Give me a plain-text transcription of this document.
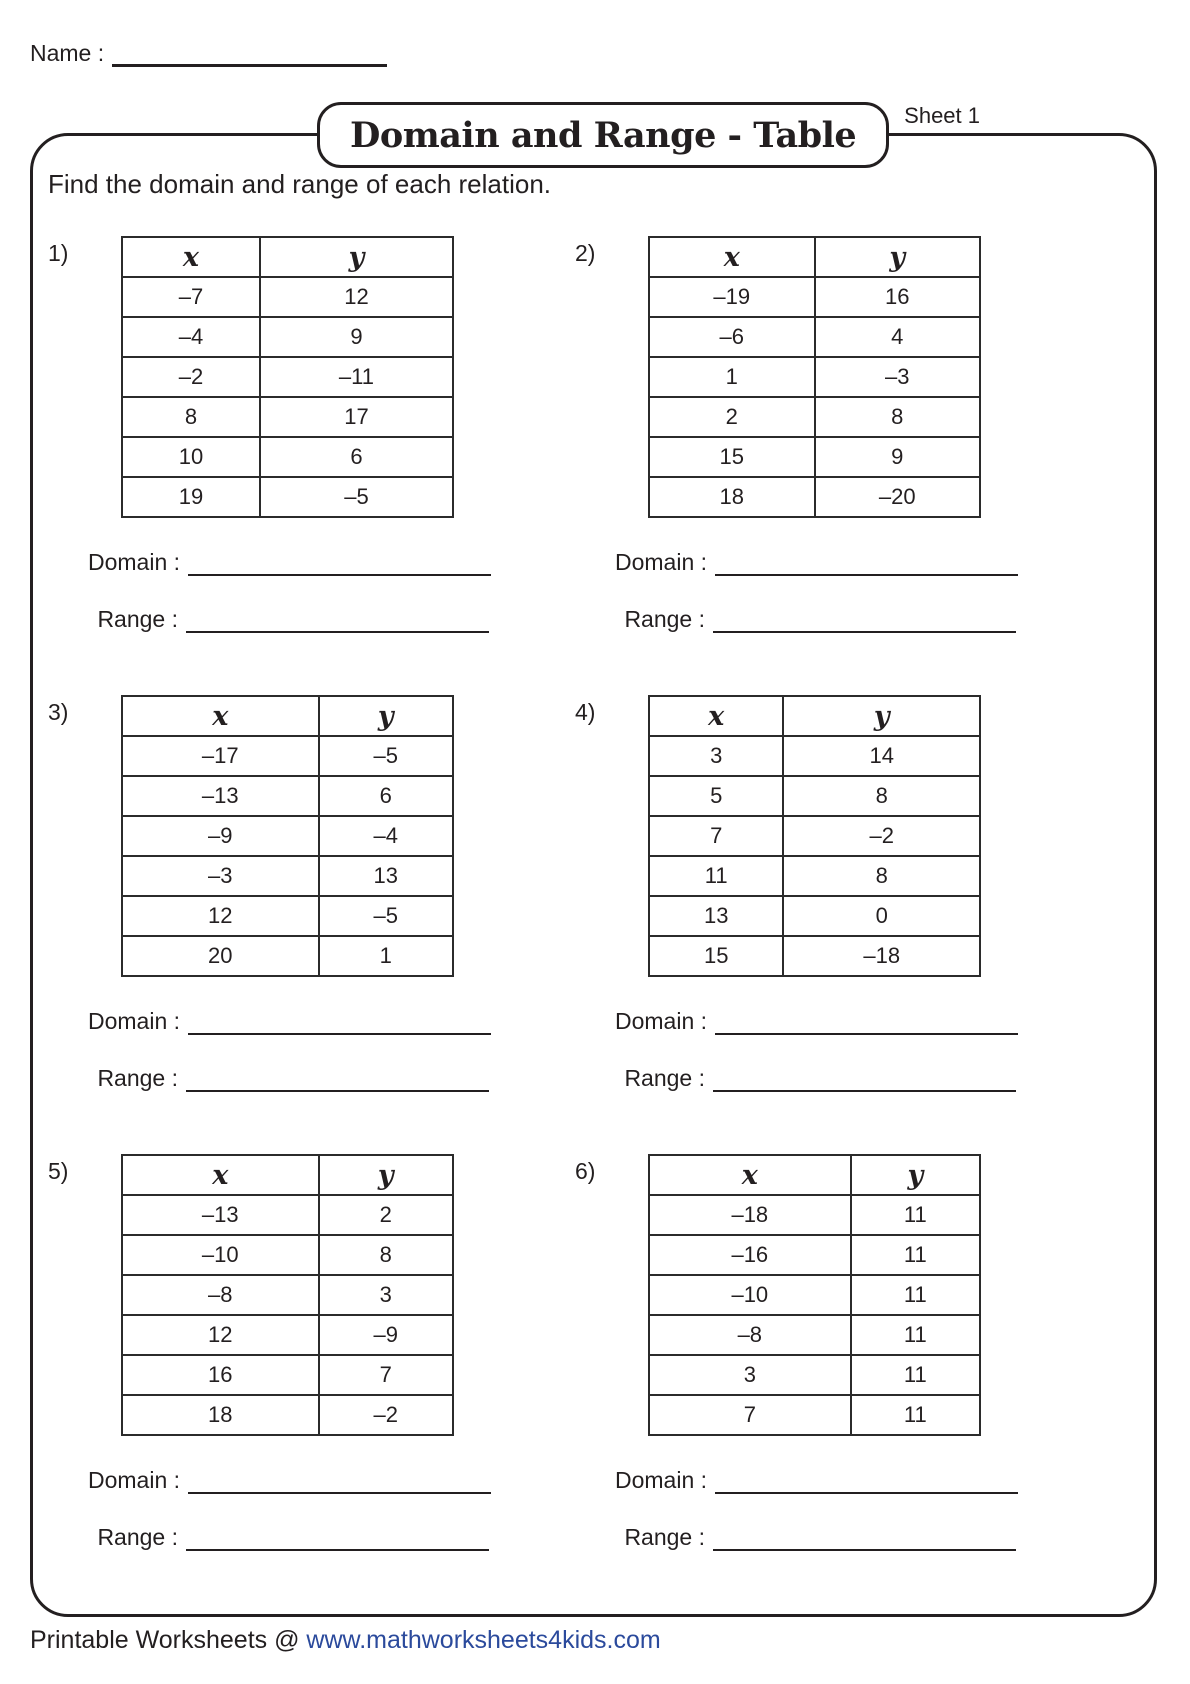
Name :
Domain and Range - Table Sheet 1
Find the domain and range of each relation.
1)	x	y
–7	12
–4	9
–2	–11
8	17
10	6
19	–5
Domain :
Range :
2)	x	y
–19	16
–6	4
1	–3
2	8
15	9
18	–20
Domain :
Range :
3)	x	y
–17	–5
–13	6
–9	–4
–3	13
12	–5
20	1
Domain :
Range :
4)	x	y
3	14
5	8
7	–2
11	8
13	0
15	–18
Domain :
Range :
5)	x	y
–13	2
–10	8
–8	3
12	–9
16	7
18	–2
Domain :
Range :
6)	x	y
–18	11
–16	11
–10	11
–8	11
3	11
7	11
Domain :
Range :
Printable Worksheets @ www.mathworksheets4kids.com
